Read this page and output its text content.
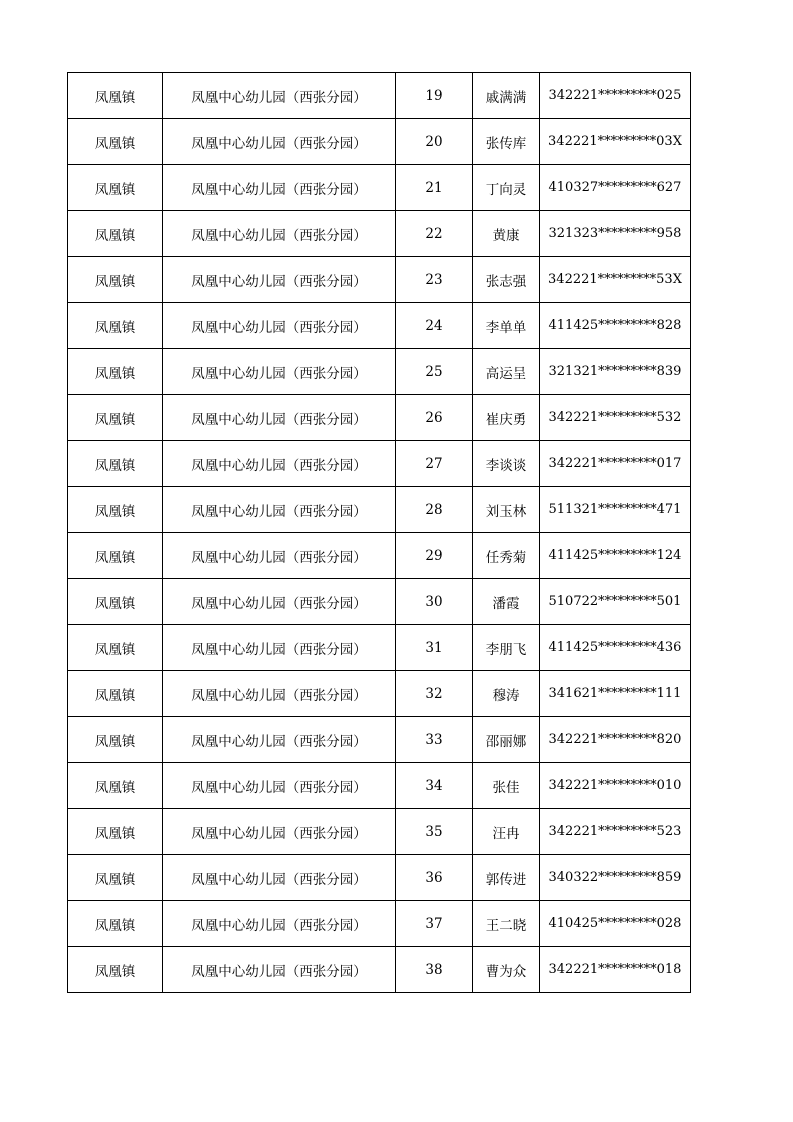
凤凰镇	凤凰中心幼儿园（西张分园）	19	戚满满	342221*********025
凤凰镇	凤凰中心幼儿园（西张分园）	20	张传库	342221*********03X
凤凰镇	凤凰中心幼儿园（西张分园）	21	丁向灵	410327*********627
凤凰镇	凤凰中心幼儿园（西张分园）	22	黄康	321323*********958
凤凰镇	凤凰中心幼儿园（西张分园）	23	张志强	342221*********53X
凤凰镇	凤凰中心幼儿园（西张分园）	24	李单单	411425*********828
凤凰镇	凤凰中心幼儿园（西张分园）	25	高运呈	321321*********839
凤凰镇	凤凰中心幼儿园（西张分园）	26	崔庆勇	342221*********532
凤凰镇	凤凰中心幼儿园（西张分园）	27	李谈谈	342221*********017
凤凰镇	凤凰中心幼儿园（西张分园）	28	刘玉林	511321*********471
凤凰镇	凤凰中心幼儿园（西张分园）	29	任秀菊	411425*********124
凤凰镇	凤凰中心幼儿园（西张分园）	30	潘霞	510722*********501
凤凰镇	凤凰中心幼儿园（西张分园）	31	李朋飞	411425*********436
凤凰镇	凤凰中心幼儿园（西张分园）	32	穆涛	341621*********111
凤凰镇	凤凰中心幼儿园（西张分园）	33	邵丽娜	342221*********820
凤凰镇	凤凰中心幼儿园（西张分园）	34	张佳	342221*********010
凤凰镇	凤凰中心幼儿园（西张分园）	35	汪冉	342221*********523
凤凰镇	凤凰中心幼儿园（西张分园）	36	郭传进	340322*********859
凤凰镇	凤凰中心幼儿园（西张分园）	37	王二晓	410425*********028
凤凰镇	凤凰中心幼儿园（西张分园）	38	曹为众	342221*********018
